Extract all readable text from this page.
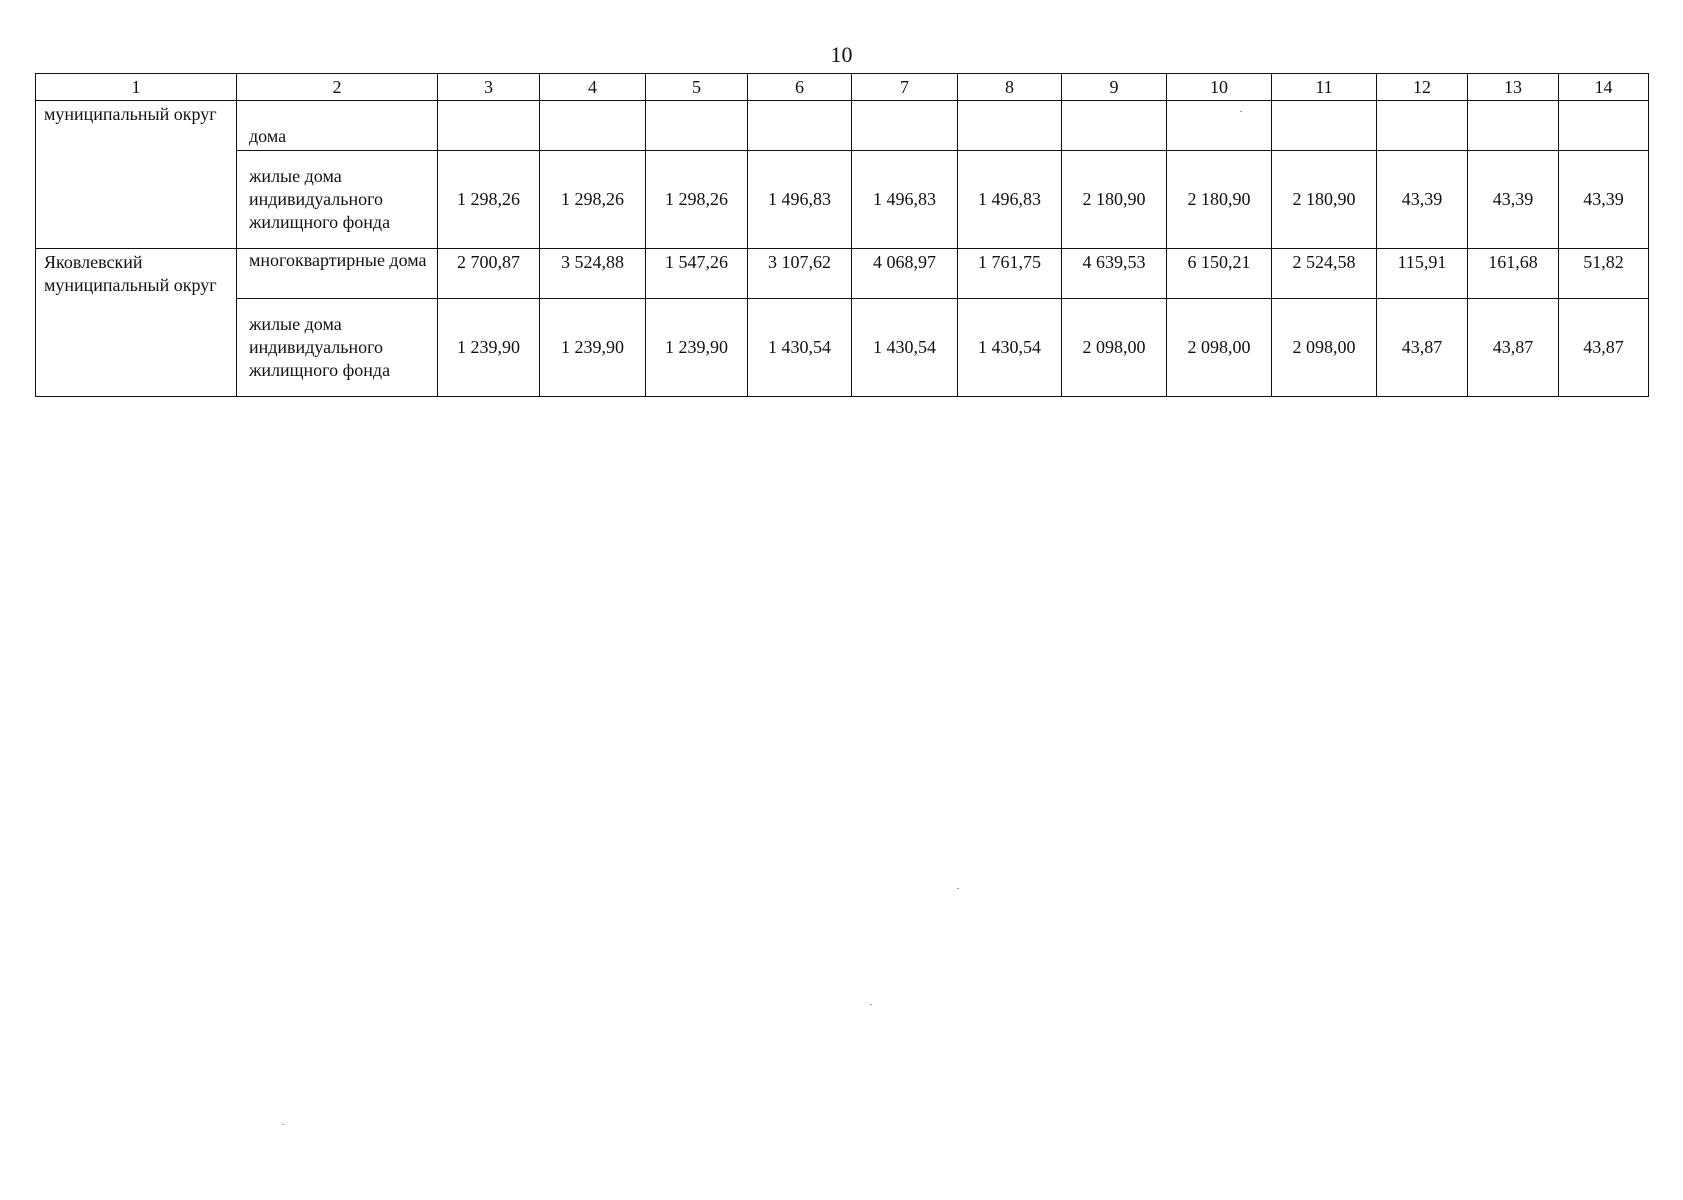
10
1	2	3	4	5	6	7	8	9	10	11	12	13	14
муниципальный округ	дома												
	жилые дома индивидуального жилищного фонда	1 298,26	1 298,26	1 298,26	1 496,83	1 496,83	1 496,83	2 180,90	2 180,90	2 180,90	43,39	43,39	43,39
Яковлевский муниципальный округ	многоквартирные дома	2 700,87	3 524,88	1 547,26	3 107,62	4 068,97	1 761,75	4 639,53	6 150,21	2 524,58	115,91	161,68	51,82
	жилые дома индивидуального жилищного фонда	1 239,90	1 239,90	1 239,90	1 430,54	1 430,54	1 430,54	2 098,00	2 098,00	2 098,00	43,87	43,87	43,87
